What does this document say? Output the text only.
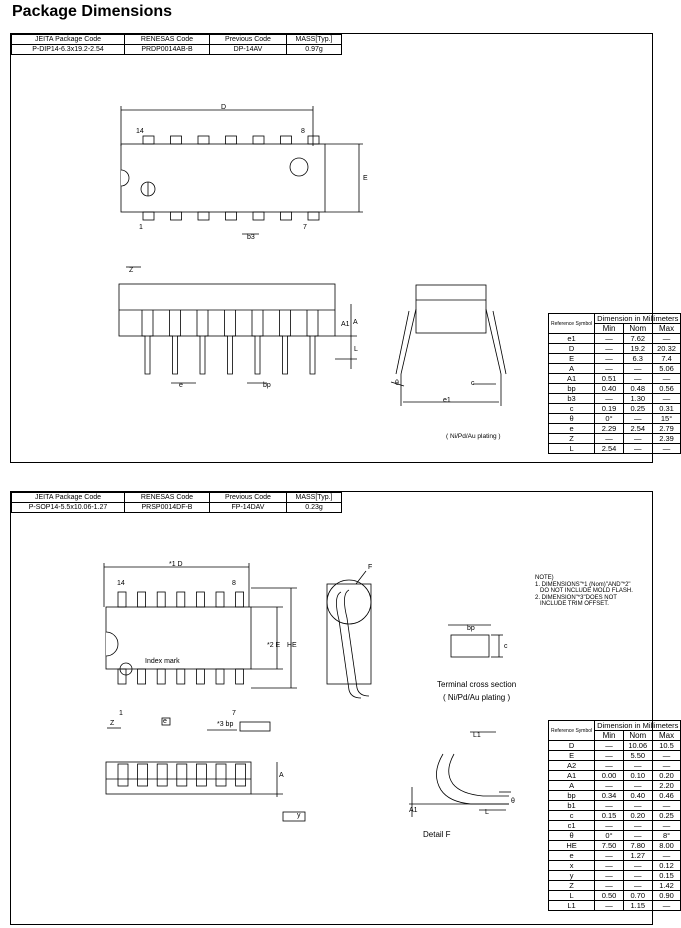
Package Dimensions
JEITA Package Code	RENESAS Code	Previous Code	MASS[Typ.]
P-DIP14-6.3x19.2-2.54	PRDP0014AB-B	DP-14AV	0.97g
D
14	8
1	7
E
b3
Z
A
A1
L
e	bp	θ	c
e1
( Ni/Pd/Au plating )
Reference Symbol	Dimension in Millimeters		
	Min	Nom	Max
e1	—	7.62	—
D	—	19.2	20.32
E	—	6.3	7.4
A	—	—	5.06
A1	0.51	—	—
bp	0.40	0.48	0.56
b3	—	1.30	—
c	0.19	0.25	0.31
θ	0°	—	15°
e	2.29	2.54	2.79
Z	—	—	2.39
L	2.54	—	—
JEITA Package Code	RENESAS Code	Previous Code	MASS[Typ.]
P-SOP14-5.5x10.06-1.27	PRSP0014DF-B	FP-14DAV	0.23g
*1 D
14	8
1	7
*2 E HE
Index mark
Z	e	*3 bp
F
A
y
NOTE)
1. DIMENSIONS"*1 (Nom)"AND"*2"
DO NOT INCLUDE MOLD FLASH.
2. DIMENSION"*3"DOES NOT
INCLUDE TRIM OFFSET.
bp
c
Terminal cross section
( Ni/Pd/Au plating )
L1
A1	L
θ
Detail F
Reference Symbol	Dimension in Millimeters		
	Min	Nom	Max
D	—	10.06	10.5
E	—	5.50	—
A2	—	—	—
A1	0.00	0.10	0.20
A	—	—	2.20
bp	0.34	0.40	0.46
b1	—	—	—
c	0.15	0.20	0.25
c1	—	—	—
θ	0°	—	8°
HE	7.50	7.80	8.00
e	—	1.27	—
x	—	—	0.12
y	—	—	0.15
Z	—	—	1.42
L	0.50	0.70	0.90
L1	—	1.15	—
